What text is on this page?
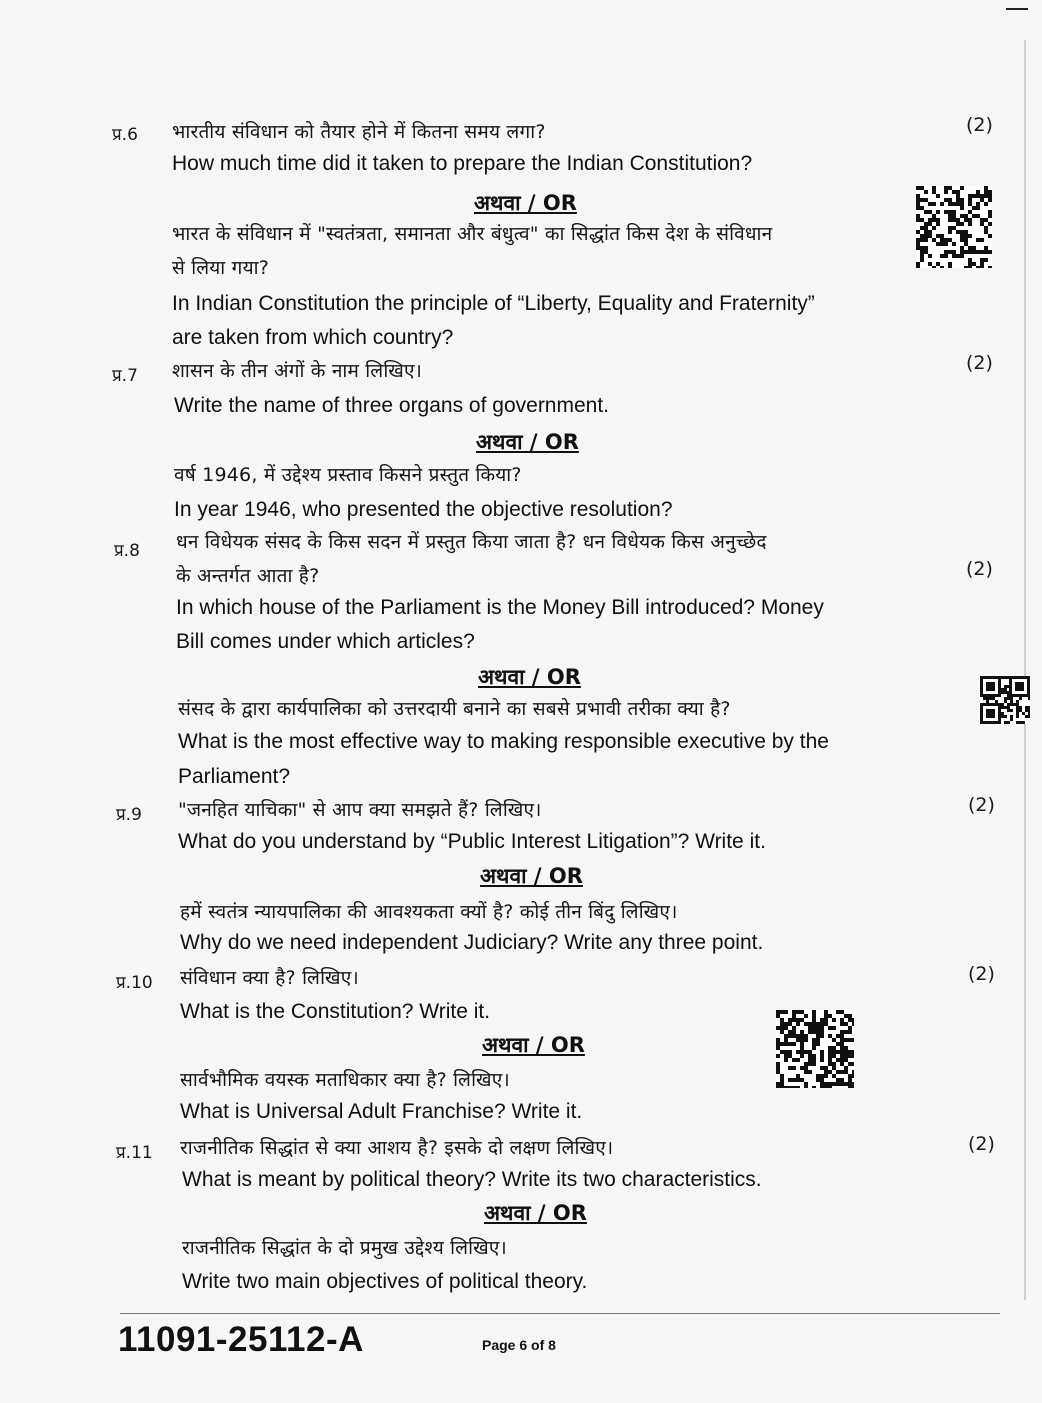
प्र.6	(2)
भारतीय संविधान को तैयार होने में कितना समय लगा?
How much time did it taken to prepare the Indian Constitution?
अथवा / OR
भारत के संविधान में "स्वतंत्रता, समानता और बंधुत्व" का सिद्धांत किस देश के संविधान
से लिया गया?
In Indian Constitution the principle of “Liberty, Equality and Fraternity”
are taken from which country?
प्र.7
(2)
शासन के तीन अंगों के नाम लिखिए।
Write the name of three organs of government.
अथवा / OR
वर्ष 1946, में उद्देश्य प्रस्ताव किसने प्रस्तुत किया?
In year 1946, who presented the objective resolution?
प्र.8
(2)
धन विधेयक संसद के किस सदन में प्रस्तुत किया जाता है? धन विधेयक किस अनुच्छेद
के अन्तर्गत आता है?
In which house of the Parliament is the Money Bill introduced? Money
Bill comes under which articles?
अथवा / OR
संसद के द्वारा कार्यपालिका को उत्तरदायी बनाने का सबसे प्रभावी तरीका क्या है?
What is the most effective way to making responsible executive by the
Parliament?
प्र.9	(2)
"जनहित याचिका" से आप क्या समझते हैं? लिखिए।
What do you understand by “Public Interest Litigation”? Write it.
अथवा / OR
हमें स्वतंत्र न्यायपालिका की आवश्यकता क्यों है? कोई तीन बिंदु लिखिए।
Why do we need independent Judiciary? Write any three point.
प्र.10	(2)
संविधान क्या है? लिखिए।
What is the Constitution? Write it.
अथवा / OR
सार्वभौमिक वयस्क मताधिकार क्या है? लिखिए।
What is Universal Adult Franchise? Write it.
प्र.11	(2)
राजनीतिक सिद्धांत से क्या आशय है? इसके दो लक्षण लिखिए।
What is meant by political theory? Write its two characteristics.
अथवा / OR
राजनीतिक सिद्धांत के दो प्रमुख उद्देश्य लिखिए।
Write two main objectives of political theory.
11091-25112-A	Page 6 of 8
